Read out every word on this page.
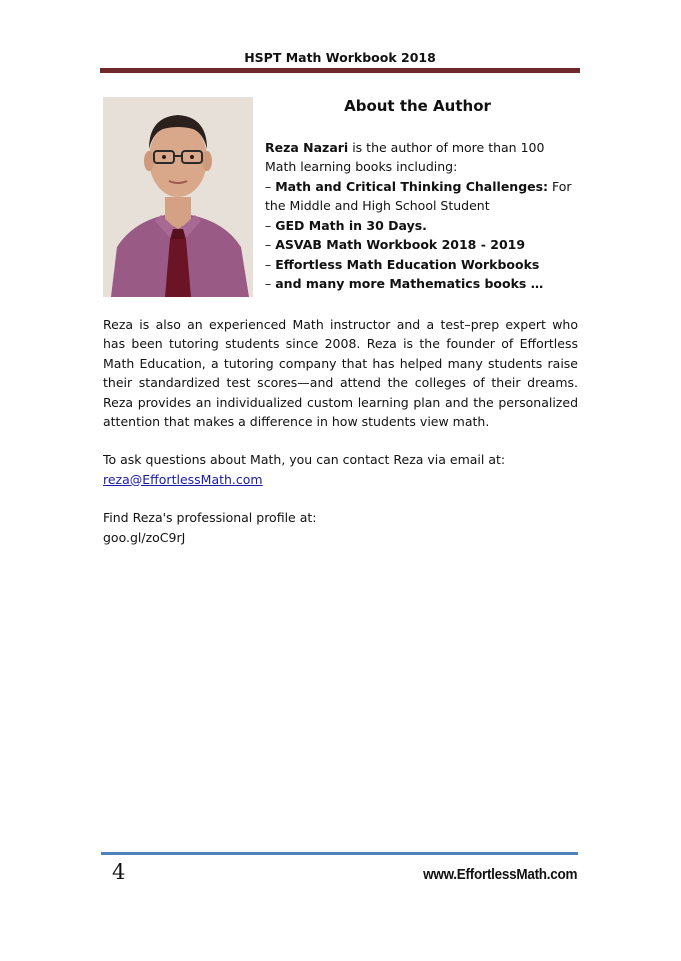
HSPT Math Workbook 2018
About the Author

Reza Nazari is the author of more than 100

Math learning books including:

– Math and Critical Thinking Challenges: For

the Middle and High School Student

– GED Math in 30 Days.

– ASVAB Math Workbook 2018 - 2019

– Effortless Math Education Workbooks

– and many more Mathematics books …

Reza is also an experienced Math instructor and a test–prep expert who has been tutoring students since 2008. Reza is the founder of Effortless Math Education, a tutoring company that has helped many students raise their standardized test scores—and attend the colleges of their dreams. Reza provides an individualized custom learning plan and the personalized attention that makes a difference in how students view math.

To ask questions about Math, you can contact Reza via email at:

reza@EffortlessMath.com

Find Reza's professional profile at:

goo.gl/zoC9rJ

4	www.EffortlessMath.com
